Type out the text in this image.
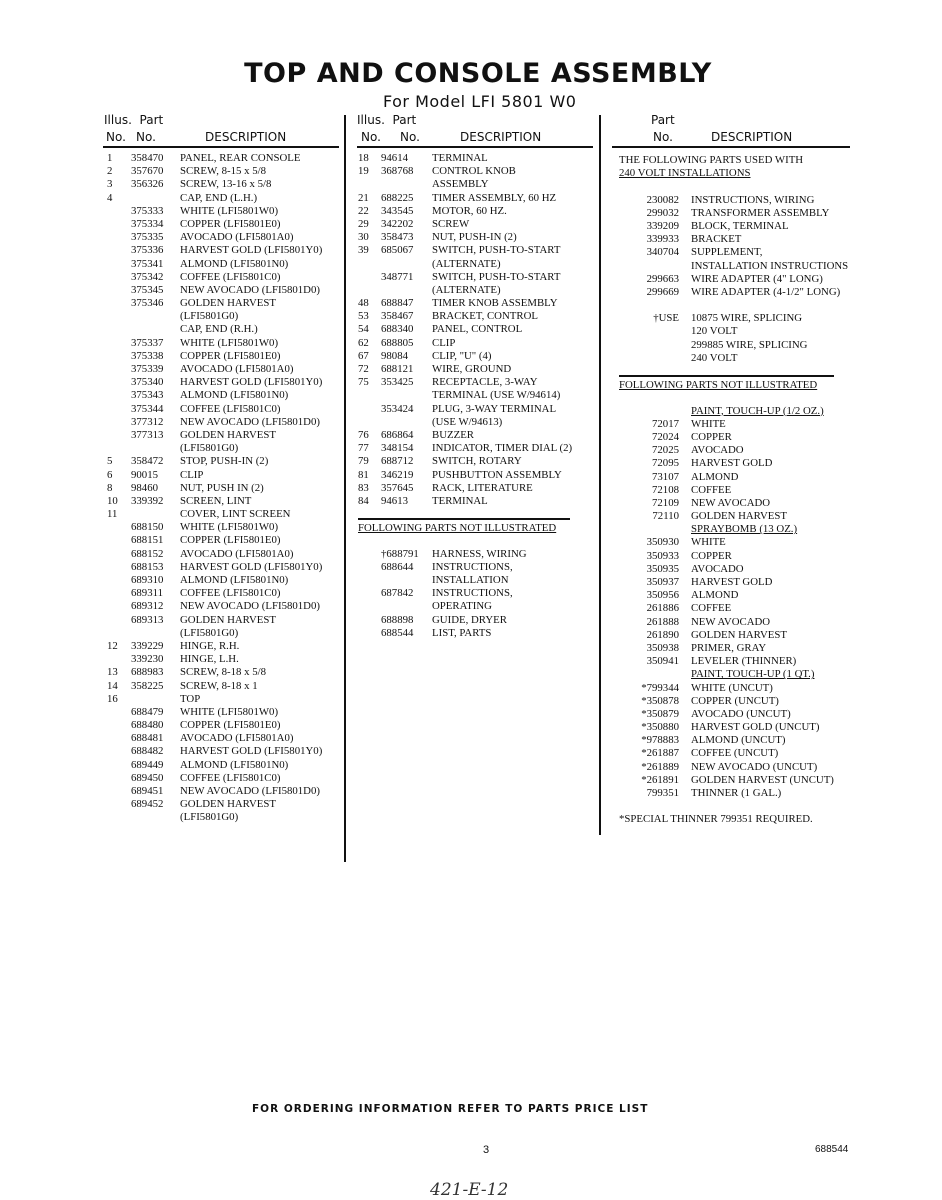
TOP AND CONSOLE ASSEMBLY
For Model LFI 5801 W0
Illus. Part
No. No.	DESCRIPTION
Illus. Part
No. No.	DESCRIPTION
Part
No.	DESCRIPTION
1 358470 PANEL, REAR CONSOLE
2 357670 SCREW, 8-15 x 5/8
3 356326 SCREW, 13-16 x 5/8
4	CAP, END (L.H.)
375333 WHITE (LFI5801W0)
375334 COPPER (LFI5801E0)
375335 AVOCADO (LFI5801A0)
375336 HARVEST GOLD (LFI5801Y0)
375341 ALMOND (LFI5801N0)
375342 COFFEE (LFI5801C0)
375345 NEW AVOCADO (LFI5801D0)
375346 GOLDEN HARVEST
(LFI5801G0)
CAP, END (R.H.)
375337 WHITE (LFI5801W0)
375338 COPPER (LFI5801E0)
375339 AVOCADO (LFI5801A0)
375340 HARVEST GOLD (LFI5801Y0)
375343 ALMOND (LFI5801N0)
375344 COFFEE (LFI5801C0)
377312 NEW AVOCADO (LFI5801D0)
377313 GOLDEN HARVEST
(LFI5801G0)
5 358472 STOP, PUSH-IN (2)
6 90015 CLIP
8 98460 NUT, PUSH IN (2)
10 339392 SCREEN, LINT
11	COVER, LINT SCREEN
688150 WHITE (LFI5801W0)
688151 COPPER (LFI5801E0)
688152 AVOCADO (LFI5801A0)
688153 HARVEST GOLD (LFI5801Y0)
689310 ALMOND (LFI5801N0)
689311 COFFEE (LFI5801C0)
689312 NEW AVOCADO (LFI5801D0)
689313 GOLDEN HARVEST
(LFI5801G0)
12 339229 HINGE, R.H.
339230 HINGE, L.H.
13 688983 SCREW, 8-18 x 5/8
14 358225 SCREW, 8-18 x 1
16	TOP
688479 WHITE (LFI5801W0)
688480 COPPER (LFI5801E0)
688481 AVOCADO (LFI5801A0)
688482 HARVEST GOLD (LFI5801Y0)
689449 ALMOND (LFI5801N0)
689450 COFFEE (LFI5801C0)
689451 NEW AVOCADO (LFI5801D0)
689452 GOLDEN HARVEST
(LFI5801G0)
18 94614 TERMINAL
19 368768 CONTROL KNOB
ASSEMBLY
21 688225 TIMER ASSEMBLY, 60 HZ
22 343545 MOTOR, 60 HZ.
29 342202 SCREW
30 358473 NUT, PUSH-IN (2)
39 685067 SWITCH, PUSH-TO-START
(ALTERNATE)
348771 SWITCH, PUSH-TO-START
(ALTERNATE)
48 688847 TIMER KNOB ASSEMBLY
53 358467 BRACKET, CONTROL
54 688340 PANEL, CONTROL
62 688805 CLIP
67 98084 CLIP, "U" (4)
72 688121 WIRE, GROUND
75 353425 RECEPTACLE, 3-WAY
TERMINAL (USE W/94614)
353424 PLUG, 3-WAY TERMINAL
(USE W/94613)
76 686864 BUZZER
77 348154 INDICATOR, TIMER DIAL (2)
79 688712 SWITCH, ROTARY
81 346219 PUSHBUTTON ASSEMBLY
83 357645 RACK, LITERATURE
84 94613 TERMINAL
FOLLOWING PARTS NOT ILLUSTRATED
†688791 HARNESS, WIRING
688644 INSTRUCTIONS,
INSTALLATION
687842 INSTRUCTIONS,
OPERATING
688898 GUIDE, DRYER
688544 LIST, PARTS
THE FOLLOWING PARTS USED WITH
240 VOLT INSTALLATIONS
230082 INSTRUCTIONS, WIRING
299032 TRANSFORMER ASSEMBLY
339209 BLOCK, TERMINAL
339933 BRACKET
340704 SUPPLEMENT,
INSTALLATION INSTRUCTIONS
299663 WIRE ADAPTER (4" LONG)
299669 WIRE ADAPTER (4-1/2" LONG)
†USE 10875 WIRE, SPLICING
120 VOLT
299885 WIRE, SPLICING
240 VOLT
FOLLOWING PARTS NOT ILLUSTRATED
PAINT, TOUCH-UP (1/2 OZ.)
72017 WHITE
72024 COPPER
72025 AVOCADO
72095 HARVEST GOLD
73107 ALMOND
72108 COFFEE
72109 NEW AVOCADO
72110 GOLDEN HARVEST
SPRAYBOMB (13 OZ.)
350930 WHITE
350933 COPPER
350935 AVOCADO
350937 HARVEST GOLD
350956 ALMOND
261886 COFFEE
261888 NEW AVOCADO
261890 GOLDEN HARVEST
350938 PRIMER, GRAY
350941 LEVELER (THINNER)
PAINT, TOUCH-UP (1 QT.)
*799344 WHITE (UNCUT)
*350878 COPPER (UNCUT)
*350879 AVOCADO (UNCUT)
*350880 HARVEST GOLD (UNCUT)
*978883 ALMOND (UNCUT)
*261887 COFFEE (UNCUT)
*261889 NEW AVOCADO (UNCUT)
*261891 GOLDEN HARVEST (UNCUT)
799351 THINNER (1 GAL.)
*SPECIAL THINNER 799351 REQUIRED.
FOR ORDERING INFORMATION REFER TO PARTS PRICE LIST
3	688544
421-E-12
